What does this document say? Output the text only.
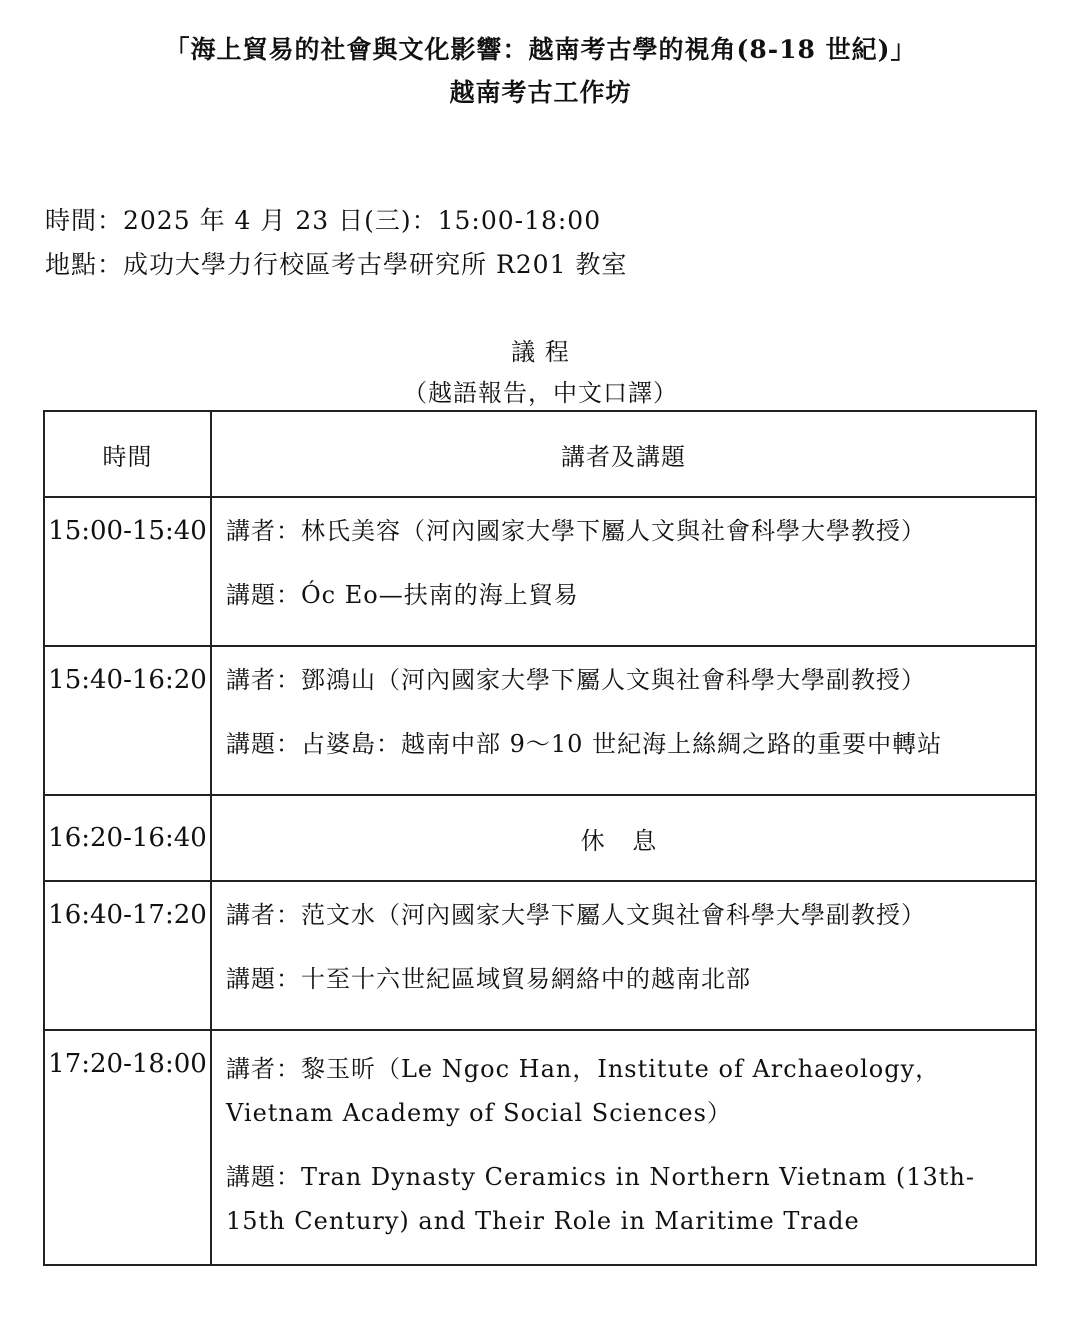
「海上貿易的社會與文化影響：越南考古學的視角(8-18 世紀)」
越南考古工作坊
時間：2025 年 4 月 23 日(三)：15:00-18:00
地點：成功大學力行校區考古學研究所 R201 教室
議 程
（越語報告，中文口譯）
時間	講者及講題
15:00-15:40	講者：林氏美容（河內國家大學下屬人文與社會科學大學教授）
講題：Óc Eo—扶南的海上貿易

15:40-16:20	講者：鄧鴻山（河內國家大學下屬人文與社會科學大學副教授）
講題：占婆島：越南中部 9～10 世紀海上絲綢之路的重要中轉站

16:20-16:40	休 息
16:40-17:20	講者：范文水（河內國家大學下屬人文與社會科學大學副教授）
講題：十至十六世紀區域貿易網絡中的越南北部

17:20-18:00	講者：黎玉昕（Le Ngoc Han，Institute of Archaeology，Vietnam Academy of Social Sciences）
講題：Tran Dynasty Ceramics in Northern Vietnam (13th-15th Century) and Their Role in Maritime Trade
